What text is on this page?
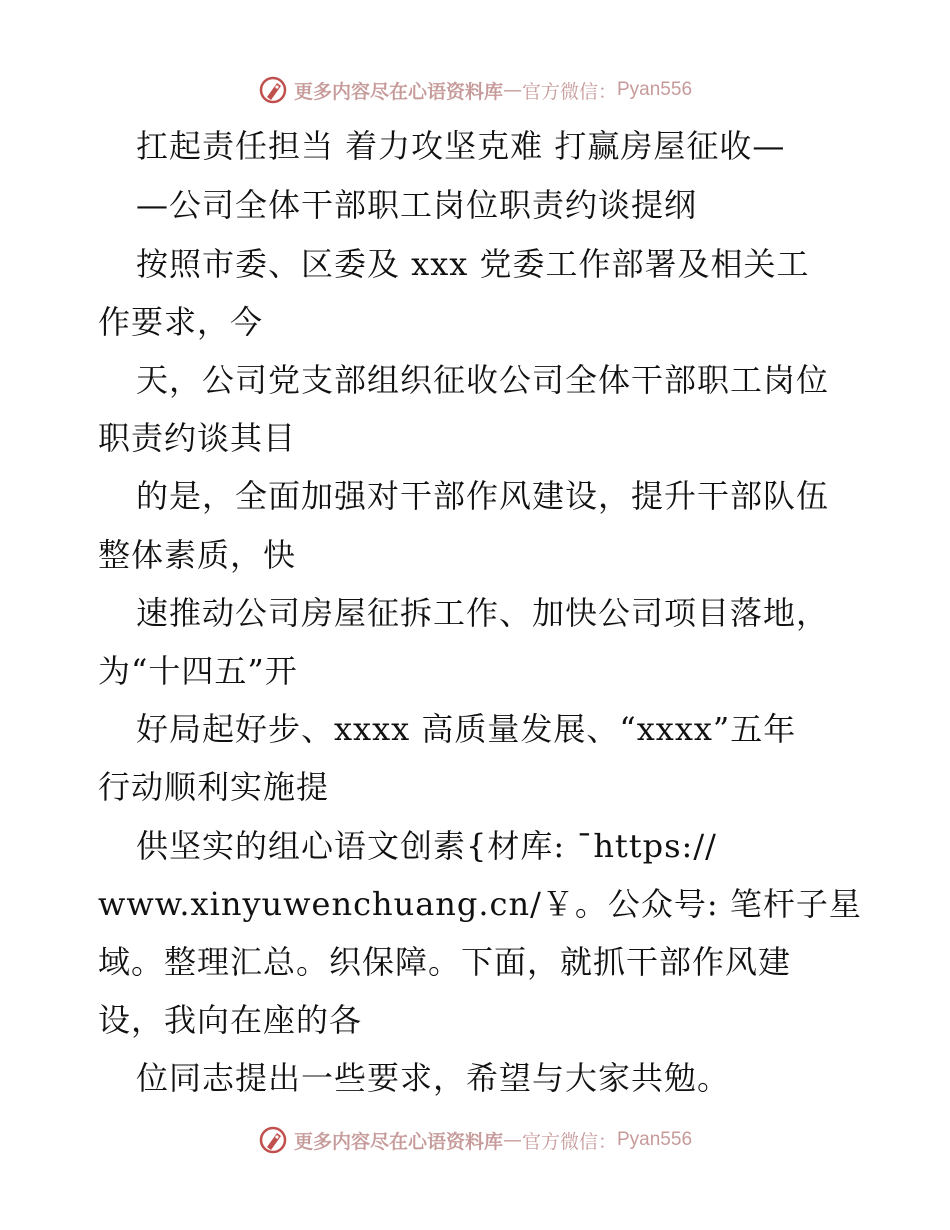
更多内容尽在心语资料库 — 官方微信： Pyan556
扛起责任担当 着力攻坚克难 打赢房屋征收—
—公司全体干部职工岗位职责约谈提纲
按照市委、区委及 xxx 党委工作部署及相关工
作要求，今
天，公司党支部组织征收公司全体干部职工岗位
职责约谈其目
的是，全面加强对干部作风建设，提升干部队伍
整体素质，快
速推动公司房屋征拆工作、加快公司项目落地，
为“十四五”开
好局起好步、xxxx 高质量发展、“xxxx”五年
行动顺利实施提
供坚实的组心语文创素{材库: ¯https://
www.xinyuwenchuang.cn/￥。公众号: 笔杆子星
域。整理汇总。织保障。下面，就抓干部作风建
设，我向在座的各
位同志提出一些要求，希望与大家共勉。
更多内容尽在心语资料库 — 官方微信： Pyan556
